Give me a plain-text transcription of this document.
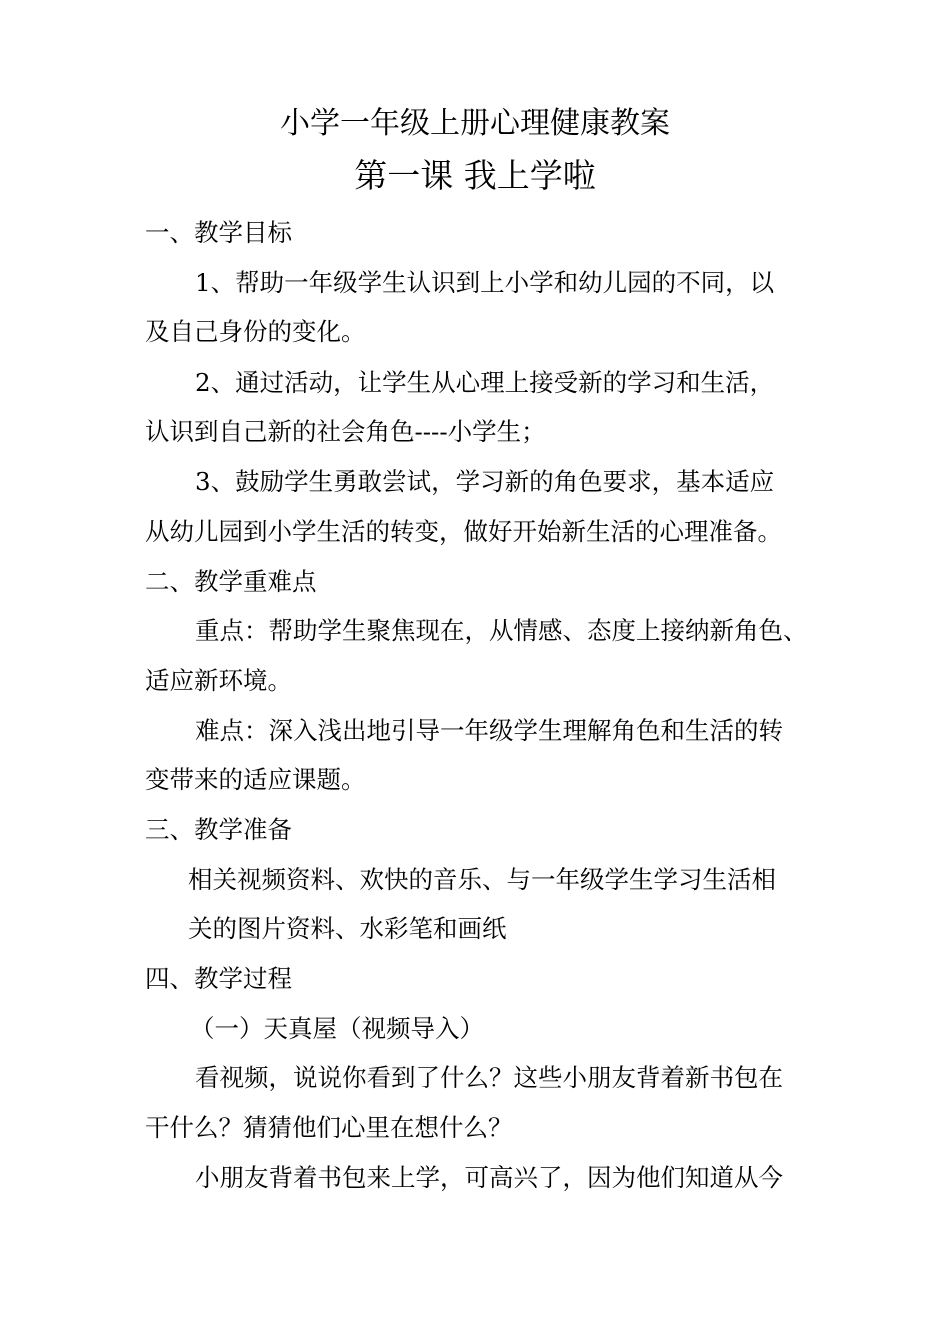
小学一年级上册心理健康教案
第一课 我上学啦

一、教学目标

1、帮助一年级学生认识到上小学和幼儿园的不同，以

及自己身份的变化。

2、通过活动，让学生从心理上接受新的学习和生活，

认识到自己新的社会角色----小学生；

3、鼓励学生勇敢尝试，学习新的角色要求，基本适应

从幼儿园到小学生活的转变，做好开始新生活的心理准备。

二、教学重难点

重点：帮助学生聚焦现在，从情感、态度上接纳新角色、

适应新环境。

难点：深入浅出地引导一年级学生理解角色和生活的转

变带来的适应课题。

三、教学准备

相关视频资料、欢快的音乐、与一年级学生学习生活相

关的图片资料、水彩笔和画纸

四、教学过程

（一）天真屋（视频导入）

看视频，说说你看到了什么？这些小朋友背着新书包在

干什么？猜猜他们心里在想什么？

小朋友背着书包来上学，可高兴了，因为他们知道从今
